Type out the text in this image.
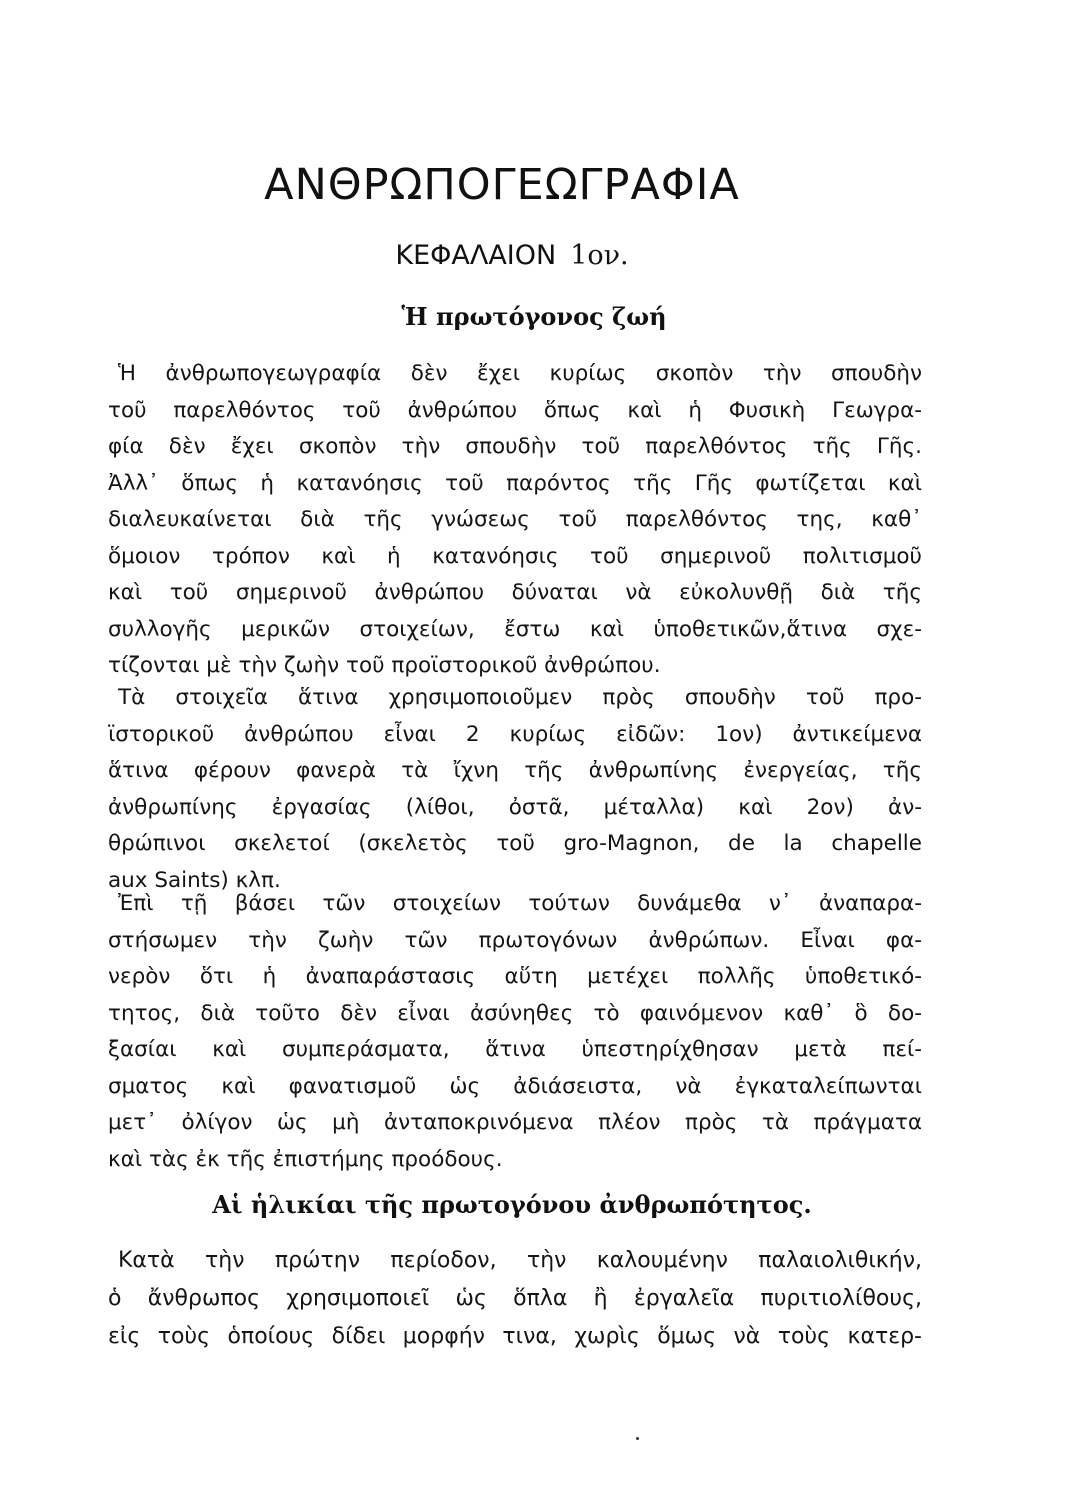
ΑΝΘΡΩΠΟΓΕΩΓΡΑΦΙΑ
ΚΕΦΑΛΑΙΟΝ 1ον.
Ἡ πρωτόγονος ζωή
Ἡ ἀνθρωπογεωγραφία δὲν ἔχει κυρίως σκοπὸν τὴν σπουδὴν
τοῦ παρελθόντος τοῦ ἀνθρώπου ὅπως καὶ ἡ Φυσικὴ Γεωγρα-
φία δὲν ἔχει σκοπὸν τὴν σπουδὴν τοῦ παρελθόντος τῆς Γῆς.
Ἀλλ᾽ ὅπως ἡ κατανόησις τοῦ παρόντος τῆς Γῆς φωτίζεται καὶ
διαλευκαίνεται διὰ τῆς γνώσεως τοῦ παρελθόντος της, καθ᾽
ὅμοιον τρόπον καὶ ἡ κατανόησις τοῦ σημερινοῦ πολιτισμοῦ
καὶ τοῦ σημερινοῦ ἀνθρώπου δύναται νὰ εὐκολυνθῇ διὰ τῆς
συλλογῆς μερικῶν στοιχείων, ἔστω καὶ ὑποθετικῶν,ἅτινα σχε-
τίζονται μὲ τὴν ζωὴν τοῦ προϊστορικοῦ ἀνθρώπου.
Τὰ στοιχεῖα ἅτινα χρησιμοποιοῦμεν πρὸς σπουδὴν τοῦ προ-
ϊστορικοῦ ἀνθρώπου εἶναι 2 κυρίως εἰδῶν: 1ον) ἀντικείμενα
ἅτινα φέρουν φανερὰ τὰ ἴχνη τῆς ἀνθρωπίνης ἐνεργείας, τῆς
ἀνθρωπίνης ἐργασίας (λίθοι, ὀστᾶ, μέταλλα) καὶ 2ον) ἀν-
θρώπινοι σκελετοί (σκελετὸς τοῦ gro-Magnon, de la chapelle
aux Saints) κλπ.
Ἐπὶ τῇ βάσει τῶν στοιχείων τούτων δυνάμεθα ν᾽ ἀναπαρα-
στήσωμεν τὴν ζωὴν τῶν πρωτογόνων ἀνθρώπων. Εἶναι φα-
νερὸν ὅτι ἡ ἀναπαράστασις αὕτη μετέχει πολλῆς ὑποθετικό-
τητος, διὰ τοῦτο δὲν εἶναι ἀσύνηθες τὸ φαινόμενον καθ᾽ ὃ δο-
ξασίαι καὶ συμπεράσματα, ἅτινα ὑπεστηρίχθησαν μετὰ πεί-
σματος καὶ φανατισμοῦ ὡς ἀδιάσειστα, νὰ ἐγκαταλείπωνται
μετ᾽ ὀλίγον ὡς μὴ ἀνταποκρινόμενα πλέον πρὸς τὰ πράγματα
καὶ τὰς ἐκ τῆς ἐπιστήμης προόδους.
Αἱ ἡλικίαι τῆς πρωτογόνου ἀνθρωπότητος.
Κατὰ τὴν πρώτην περίοδον, τὴν καλουμένην παλαιολιθικήν,
ὁ ἄνθρωπος χρησιμοποιεῖ ὡς ὅπλα ἢ ἐργαλεῖα πυριτιολίθους,
εἰς τοὺς ὁποίους δίδει μορφήν τινα, χωρὶς ὅμως νὰ τοὺς κατερ-
